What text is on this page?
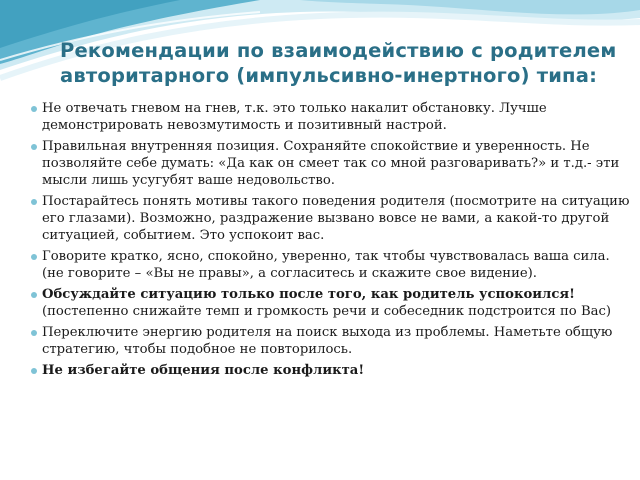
Рекомендации по взаимодействию с родителем авторитарного (импульсивно-инертного) типа:
Не отвечать гневом на гнев, т.к. это только накалит обстановку. Лучше демонстрировать невозмутимость и позитивный настрой.
Правильная внутренняя позиция. Сохраняйте спокойствие и уверенность. Не позволяйте себе думать: «Да как он смеет так со мной разговаривать?» и т.д.- эти мысли лишь усугубят ваше недовольство.
Постарайтесь понять мотивы такого поведения родителя (посмотрите на ситуацию его глазами). Возможно, раздражение вызвано вовсе не вами, а какой-то другой ситуацией, событием. Это успокоит вас.
Говорите кратко, ясно, спокойно, уверенно, так чтобы чувствовалась ваша сила. (не говорите – «Вы не правы», а согласитесь и скажите свое видение).
Обсуждайте ситуацию только после того, как родитель успокоился! (постепенно снижайте темп и громкость речи и собеседник подстроится по Вас)
Переключите энергию родителя на поиск выхода из проблемы. Наметьте общую стратегию, чтобы подобное не повторилось.
Не избегайте общения после конфликта!
